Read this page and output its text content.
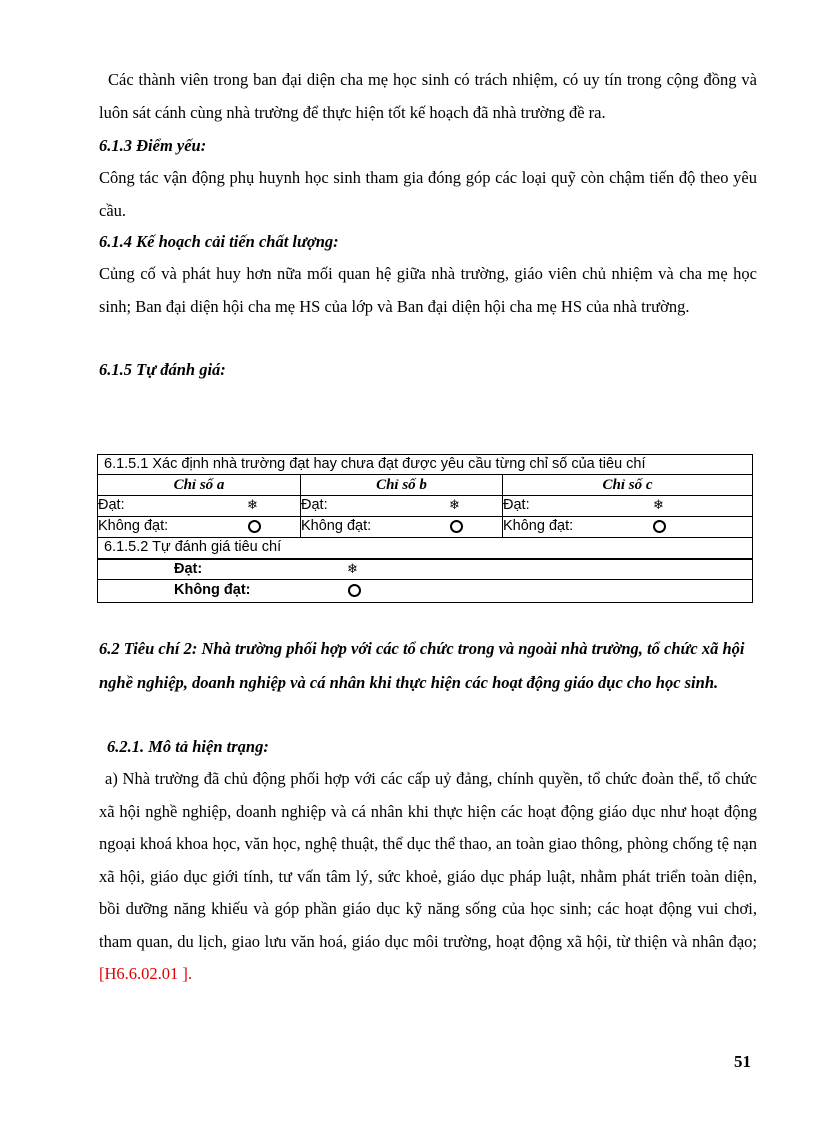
Các thành viên trong ban đại diện cha mẹ học sinh có trách nhiệm, có uy tín trong cộng đồng và luôn sát cánh cùng nhà trường để thực hiện tốt kế hoạch đã nhà trường đề ra.

6.1.3 Điểm yếu:

Công tác vận động phụ huynh học sinh tham gia đóng góp các loại quỹ còn chậm tiến độ theo yêu cầu.

6.1.4 Kế hoạch cải tiến chất lượng:

Củng cố và phát huy hơn nữa mối quan hệ giữa nhà trường, giáo viên chủ nhiệm và cha mẹ học sinh; Ban đại diện hội cha mẹ HS của lớp và Ban đại diện hội cha mẹ HS của nhà trường.

6.1.5 Tự đánh giá:
6.1.5.1 Xác định nhà trường đạt hay chưa đạt được yêu cầu từng chỉ số của tiêu chí
Chỉ số a	Chỉ số b	Chỉ số c
Đạt:	❄	Đạt:	❄	Đạt:	❄
Không đạt:	Không đạt:	Không đạt:
6.1.5.2 Tự đánh giá tiêu chí
Đạt:	❄
Không đạt:
6.2 Tiêu chí 2: Nhà trường phối hợp với các tổ chức trong và ngoài nhà trường, tổ chức xã hội nghề nghiệp, doanh nghiệp và cá nhân khi thực hiện các hoạt động giáo dục cho học sinh.
6.2.1. Mô tả hiện trạng:

a) Nhà trường đã chủ động phối hợp với các cấp uỷ đảng, chính quyền, tổ chức đoàn thể, tổ chức xã hội nghề nghiệp, doanh nghiệp và cá nhân khi thực hiện các hoạt động giáo dục như hoạt động ngoại khoá khoa học, văn học, nghệ thuật, thể dục thể thao, an toàn giao thông, phòng chống tệ nạn xã hội, giáo dục giới tính, tư vấn tâm lý, sức khoẻ, giáo dục pháp luật, nhằm phát triển toàn diện, bồi dưỡng năng khiếu và góp phần giáo dục kỹ năng sống của học sinh; các hoạt động vui chơi, tham quan, du lịch, giao lưu văn hoá, giáo dục môi trường, hoạt động xã hội, từ thiện và nhân đạo; [H6.6.02.01 ].

51
